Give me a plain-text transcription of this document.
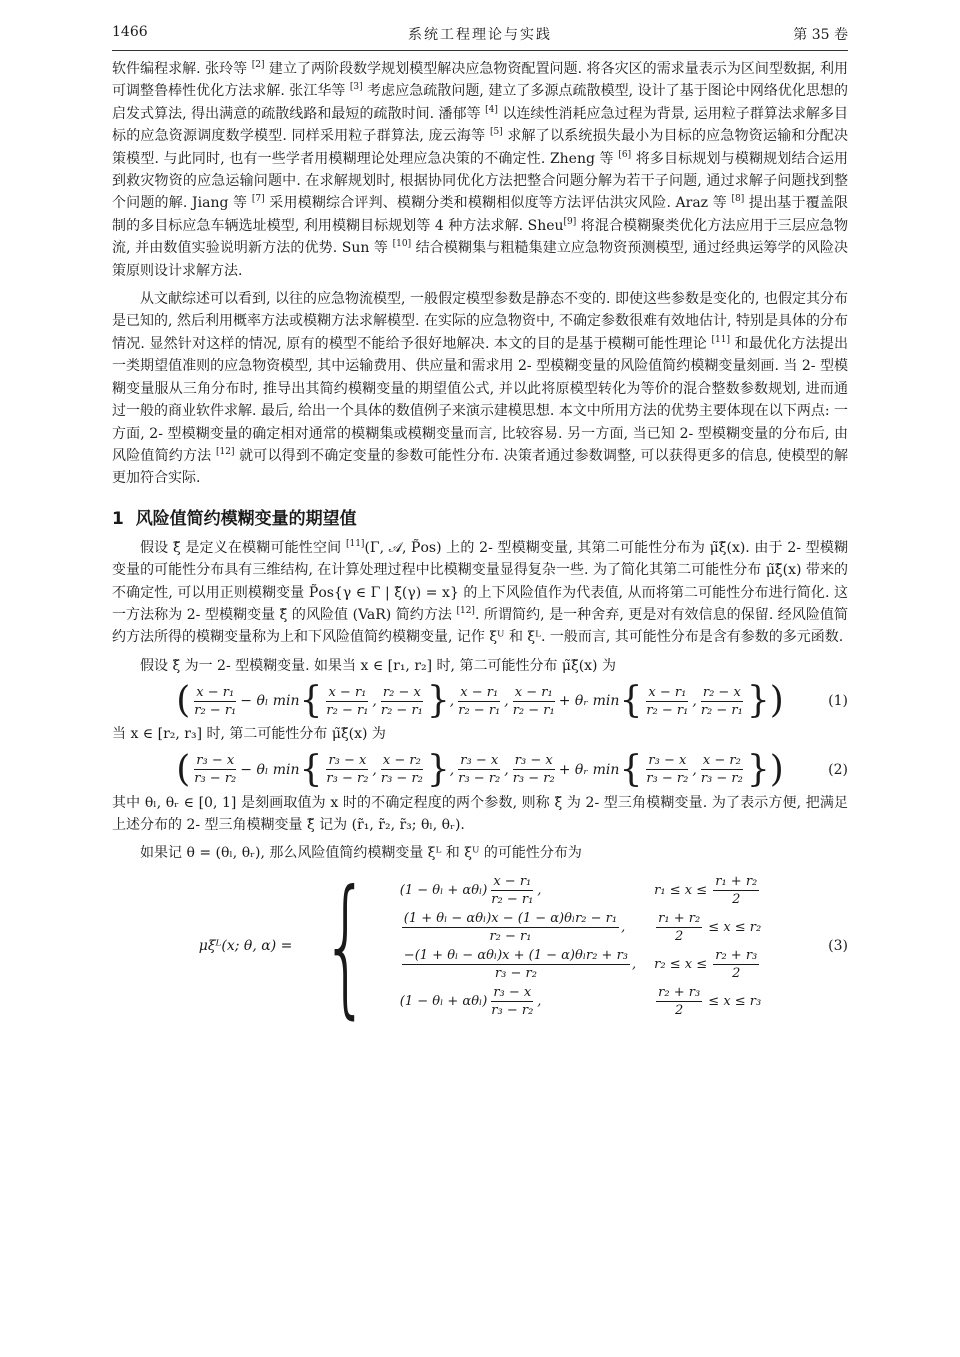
1466	系统工程理论与实践	第 35 卷

软件编程求解. 张玲等 [2] 建立了两阶段数学规划模型解决应急物资配置问题. 将各灾区的需求量表示为区间型数据, 利用可调整鲁棒性优化方法求解. 张江华等 [3] 考虑应急疏散问题, 建立了多源点疏散模型, 设计了基于图论中网络优化思想的启发式算法, 得出满意的疏散线路和最短的疏散时间. 潘郁等 [4] 以连续性消耗应急过程为背景, 运用粒子群算法求解多目标的应急资源调度数学模型. 同样采用粒子群算法, 庞云海等 [5] 求解了以系统损失最小为目标的应急物资运输和分配决策模型. 与此同时, 也有一些学者用模糊理论处理应急决策的不确定性. Zheng 等 [6] 将多目标规划与模糊规划结合运用到救灾物资的应急运输问题中. 在求解规划时, 根据协同优化方法把整合问题分解为若干子问题, 通过求解子问题找到整个问题的解. Jiang 等 [7] 采用模糊综合评判、模糊分类和模糊相似度等方法评估洪灾风险. Araz 等 [8] 提出基于覆盖限制的多目标应急车辆选址模型, 利用模糊目标规划等 4 种方法求解. Sheu[9] 将混合模糊聚类优化方法应用于三层应急物流, 并由数值实验说明新方法的优势. Sun 等 [10] 结合模糊集与粗糙集建立应急物资预测模型, 通过经典运筹学的风险决策原则设计求解方法.

从文献综述可以看到, 以往的应急物流模型, 一般假定模型参数是静态不变的. 即使这些参数是变化的, 也假定其分布是已知的, 然后利用概率方法或模糊方法求解模型. 在实际的应急物资中, 不确定参数很难有效地估计, 特别是具体的分布情况. 显然针对这样的情况, 原有的模型不能给予很好地解决. 本文的目的是基于模糊可能性理论 [11] 和最优化方法提出一类期望值准则的应急物资模型, 其中运输费用、供应量和需求用 2- 型模糊变量的风险值简约模糊变量刻画. 当 2- 型模糊变量服从三角分布时, 推导出其简约模糊变量的期望值公式, 并以此将原模型转化为等价的混合整数参数规划, 进而通过一般的商业软件求解. 最后, 给出一个具体的数值例子来演示建模思想. 本文中所用方法的优势主要体现在以下两点: 一方面, 2- 型模糊变量的确定相对通常的模糊集或模糊变量而言, 比较容易. 另一方面, 当已知 2- 型模糊变量的分布后, 由风险值简约方法 [12] 就可以得到不确定变量的参数可能性分布. 决策者通过参数调整, 可以获得更多的信息, 使模型的解更加符合实际.

1 风险值简约模糊变量的期望值

假设 ξ̃ 是定义在模糊可能性空间 [11](Γ, 𝒜, P̃os) 上的 2- 型模糊变量, 其第二可能性分布为 μ̃ξ̃(x). 由于 2- 型模糊变量的可能性分布具有三维结构, 在计算处理过程中比模糊变量显得复杂一些. 为了简化其第二可能性分布 μ̃ξ̃(x) 带来的不确定性, 可以用正则模糊变量 P̃os{γ ∈ Γ | ξ̃(γ) = x} 的上下风险值作为代表值, 从而将第二可能性分布进行简化. 这一方法称为 2- 型模糊变量 ξ̃ 的风险值 (VaR) 简约方法 [12]. 所谓简约, 是一种舍弃, 更是对有效信息的保留. 经风险值简约方法所得的模糊变量称为上和下风险值简约模糊变量, 记作 ξᵁ 和 ξᴸ. 一般而言, 其可能性分布是含有参数的多元函数.

假设 ξ̃ 为一 2- 型模糊变量. 如果当 x ∈ [r₁, r₂] 时, 第二可能性分布 μ̃ξ̃(x) 为

( $\frac{\text{x − r₁}}{\text{r₂ − r₁}} - \theta_l$ min { $\frac{\text{x − r₁}}{\text{r₂ − r₁}}$ , $\frac{\text{r₂ − x}}{\text{r₂ − r₁}}$ } , $\frac{\text{x − r₁}}{\text{r₂ − r₁}}$ , $\frac{\text{x − r₁}}{\text{r₂ − r₁}}$ + θᵣ min { $\frac{\text{x − r₁}}{\text{r₂ − r₁}}$ , $\frac{\text{r₂ − x}}{\text{r₂ − r₁}}$ })	(1)

当 x ∈ [r₂, r₃] 时, 第二可能性分布 μ̃ξ̃(x) 为

( $\frac{\text{r₃ − x}}{\text{r₃ − r₂}} - \theta_l$ min { $\frac{\text{r₃ − x}}{\text{r₃ − r₂}}$ , $\frac{\text{x − r₂}}{\text{r₃ − r₂}}$ } , $\frac{\text{r₃ − x}}{\text{r₃ − r₂}}$ , $\frac{\text{r₃ − x}}{\text{r₃ − r₂}}$ + θᵣ min { $\frac{\text{r₃ − x}}{\text{r₃ − r₂}}$ , $\frac{\text{x − r₂}}{\text{r₃ − r₂}}$ })	(2)

其中 θₗ, θᵣ ∈ [0, 1] 是刻画取值为 x 时的不确定程度的两个参数, 则称 ξ̃ 为 2- 型三角模糊变量. 为了表示方便, 把满足上述分布的 2- 型三角模糊变量 ξ̃ 记为 (r̃₁, r̃₂, r̃₃; θₗ, θᵣ).

如果记 θ = (θₗ, θᵣ), 那么风险值简约模糊变量 ξᴸ 和 ξᵁ 的可能性分布为

μξᴸ(x; θ, α) = { $(1 - \theta_l + \alpha\theta_l) \frac{\text{x − r₁}}{\text{r₂ − r₁}}$ ,	r₁ ≤ x ≤
$\frac{\text{r₁ + r₂}}{2}$
$\frac{\text{(1 + θₗ − αθₗ)x − (1 − α)θₗr₂ − r₁}}{\text{r₂ − r₁}}$ ,	$\frac{\text{r₁ + r₂}}{2}$
≤ x ≤ r₂
$\frac{\text{−(1 + θₗ − αθₗ)x + (1 − α)θₗr₂ + r₃}}{\text{r₃ − r₂}}$ , r₂ ≤ x ≤
$\frac{\text{r₂ + r₃}}{2}$
$(1 - \theta_l + \alpha\theta_l) \frac{\text{r₃ − x}}{\text{r₃ − r₂}}$ ,	$\frac{\text{r₂ + r₃}}{2}$
≤ x ≤ r₃
(3)
